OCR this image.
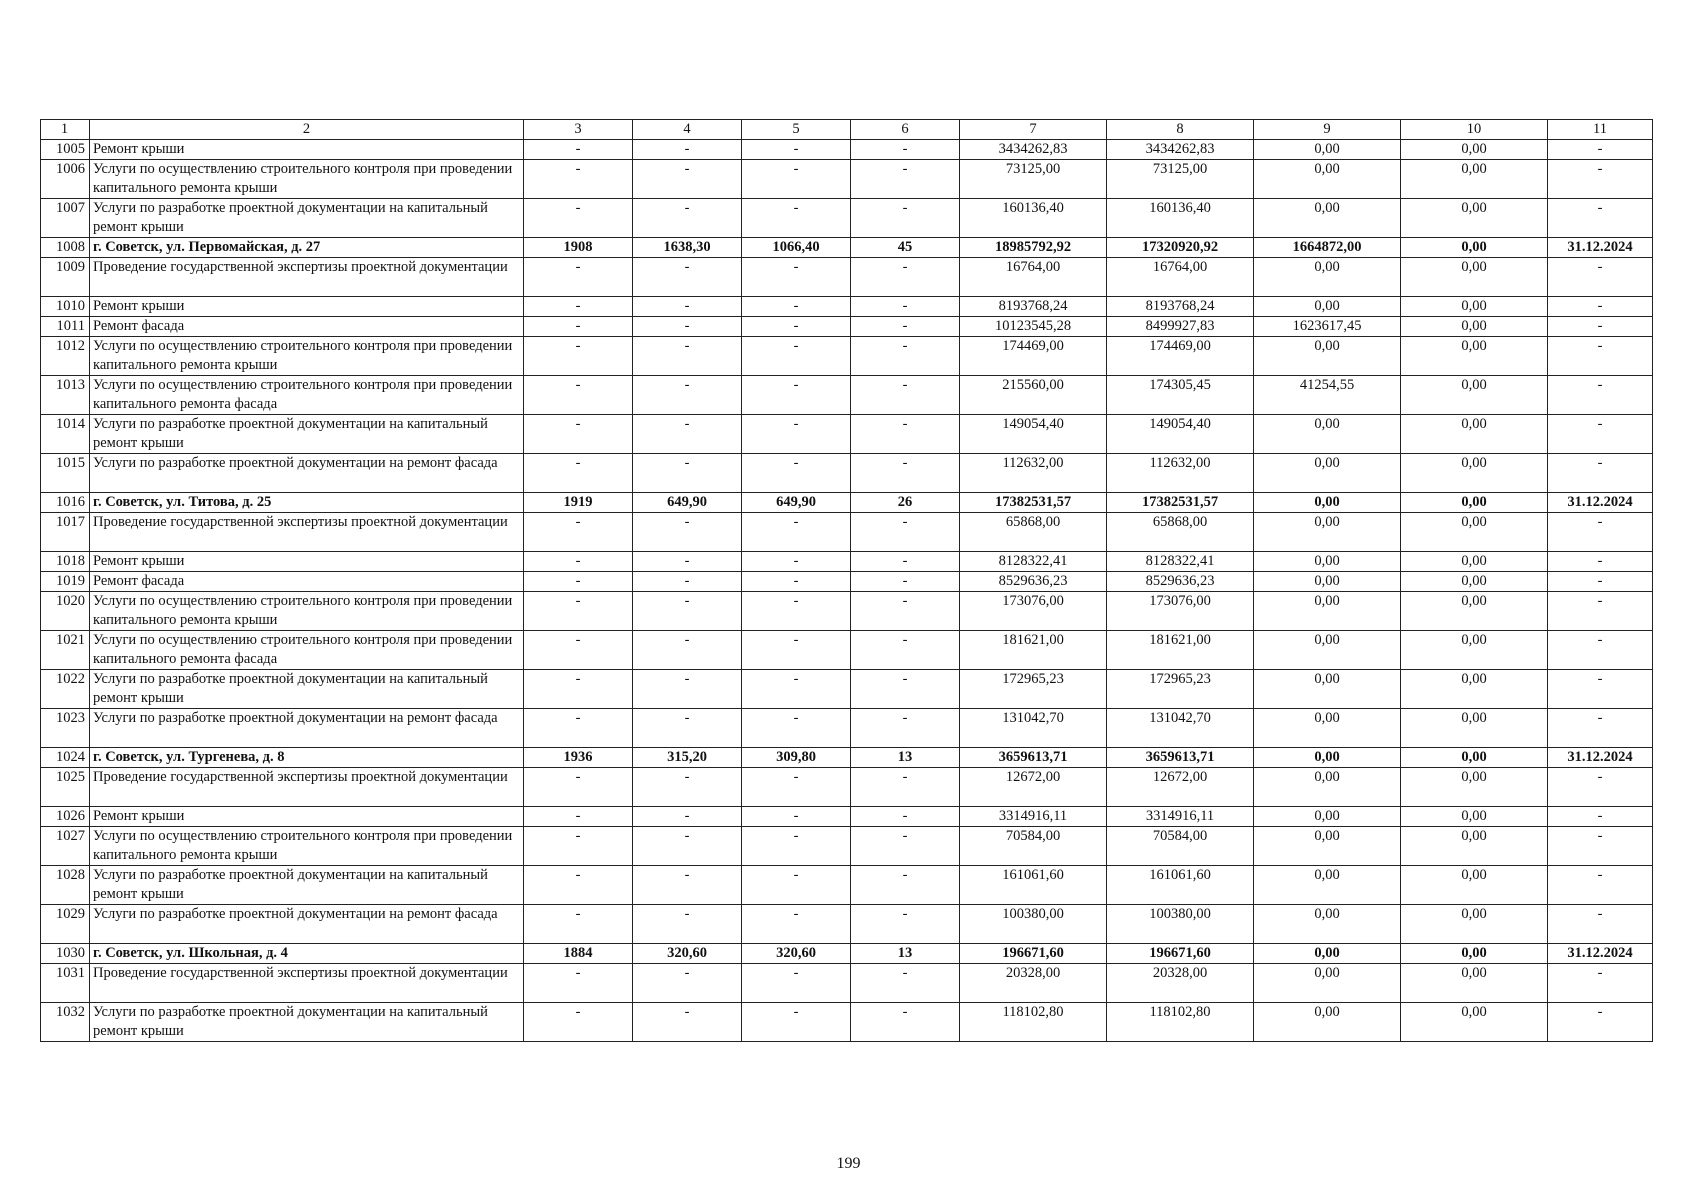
1	2	3	4	5	6	7	8	9	10	11
1005	Ремонт крыши	-	-	-	-	3434262,83	3434262,83	0,00	0,00	-
1006	Услуги по осуществлению строительного контроля при проведении капитального ремонта крыши	-	-	-	-	73125,00	73125,00	0,00	0,00	-
1007	Услуги по разработке проектной документации на капитальный ремонт крыши	-	-	-	-	160136,40	160136,40	0,00	0,00	-
1008	г. Советск, ул. Первомайская, д. 27	1908	1638,30	1066,40	45	18985792,92	17320920,92	1664872,00	0,00	31.12.2024
1009	Проведение государственной экспертизы проектной документации	-	-	-	-	16764,00	16764,00	0,00	0,00	-
1010	Ремонт крыши	-	-	-	-	8193768,24	8193768,24	0,00	0,00	-
1011	Ремонт фасада	-	-	-	-	10123545,28	8499927,83	1623617,45	0,00	-
1012	Услуги по осуществлению строительного контроля при проведении капитального ремонта крыши	-	-	-	-	174469,00	174469,00	0,00	0,00	-
1013	Услуги по осуществлению строительного контроля при проведении капитального ремонта фасада	-	-	-	-	215560,00	174305,45	41254,55	0,00	-
1014	Услуги по разработке проектной документации на капитальный ремонт крыши	-	-	-	-	149054,40	149054,40	0,00	0,00	-
1015	Услуги по разработке проектной документации на ремонт фасада	-	-	-	-	112632,00	112632,00	0,00	0,00	-
1016	г. Советск, ул. Титова, д. 25	1919	649,90	649,90	26	17382531,57	17382531,57	0,00	0,00	31.12.2024
1017	Проведение государственной экспертизы проектной документации	-	-	-	-	65868,00	65868,00	0,00	0,00	-
1018	Ремонт крыши	-	-	-	-	8128322,41	8128322,41	0,00	0,00	-
1019	Ремонт фасада	-	-	-	-	8529636,23	8529636,23	0,00	0,00	-
1020	Услуги по осуществлению строительного контроля при проведении капитального ремонта крыши	-	-	-	-	173076,00	173076,00	0,00	0,00	-
1021	Услуги по осуществлению строительного контроля при проведении капитального ремонта фасада	-	-	-	-	181621,00	181621,00	0,00	0,00	-
1022	Услуги по разработке проектной документации на капитальный ремонт крыши	-	-	-	-	172965,23	172965,23	0,00	0,00	-
1023	Услуги по разработке проектной документации на ремонт фасада	-	-	-	-	131042,70	131042,70	0,00	0,00	-
1024	г. Советск, ул. Тургенева, д. 8	1936	315,20	309,80	13	3659613,71	3659613,71	0,00	0,00	31.12.2024
1025	Проведение государственной экспертизы проектной документации	-	-	-	-	12672,00	12672,00	0,00	0,00	-
1026	Ремонт крыши	-	-	-	-	3314916,11	3314916,11	0,00	0,00	-
1027	Услуги по осуществлению строительного контроля при проведении капитального ремонта крыши	-	-	-	-	70584,00	70584,00	0,00	0,00	-
1028	Услуги по разработке проектной документации на капитальный ремонт крыши	-	-	-	-	161061,60	161061,60	0,00	0,00	-
1029	Услуги по разработке проектной документации на ремонт фасада	-	-	-	-	100380,00	100380,00	0,00	0,00	-
1030	г. Советск, ул. Школьная, д. 4	1884	320,60	320,60	13	196671,60	196671,60	0,00	0,00	31.12.2024
1031	Проведение государственной экспертизы проектной документации	-	-	-	-	20328,00	20328,00	0,00	0,00	-
1032	Услуги по разработке проектной документации на капитальный ремонт крыши	-	-	-	-	118102,80	118102,80	0,00	0,00	-
199
